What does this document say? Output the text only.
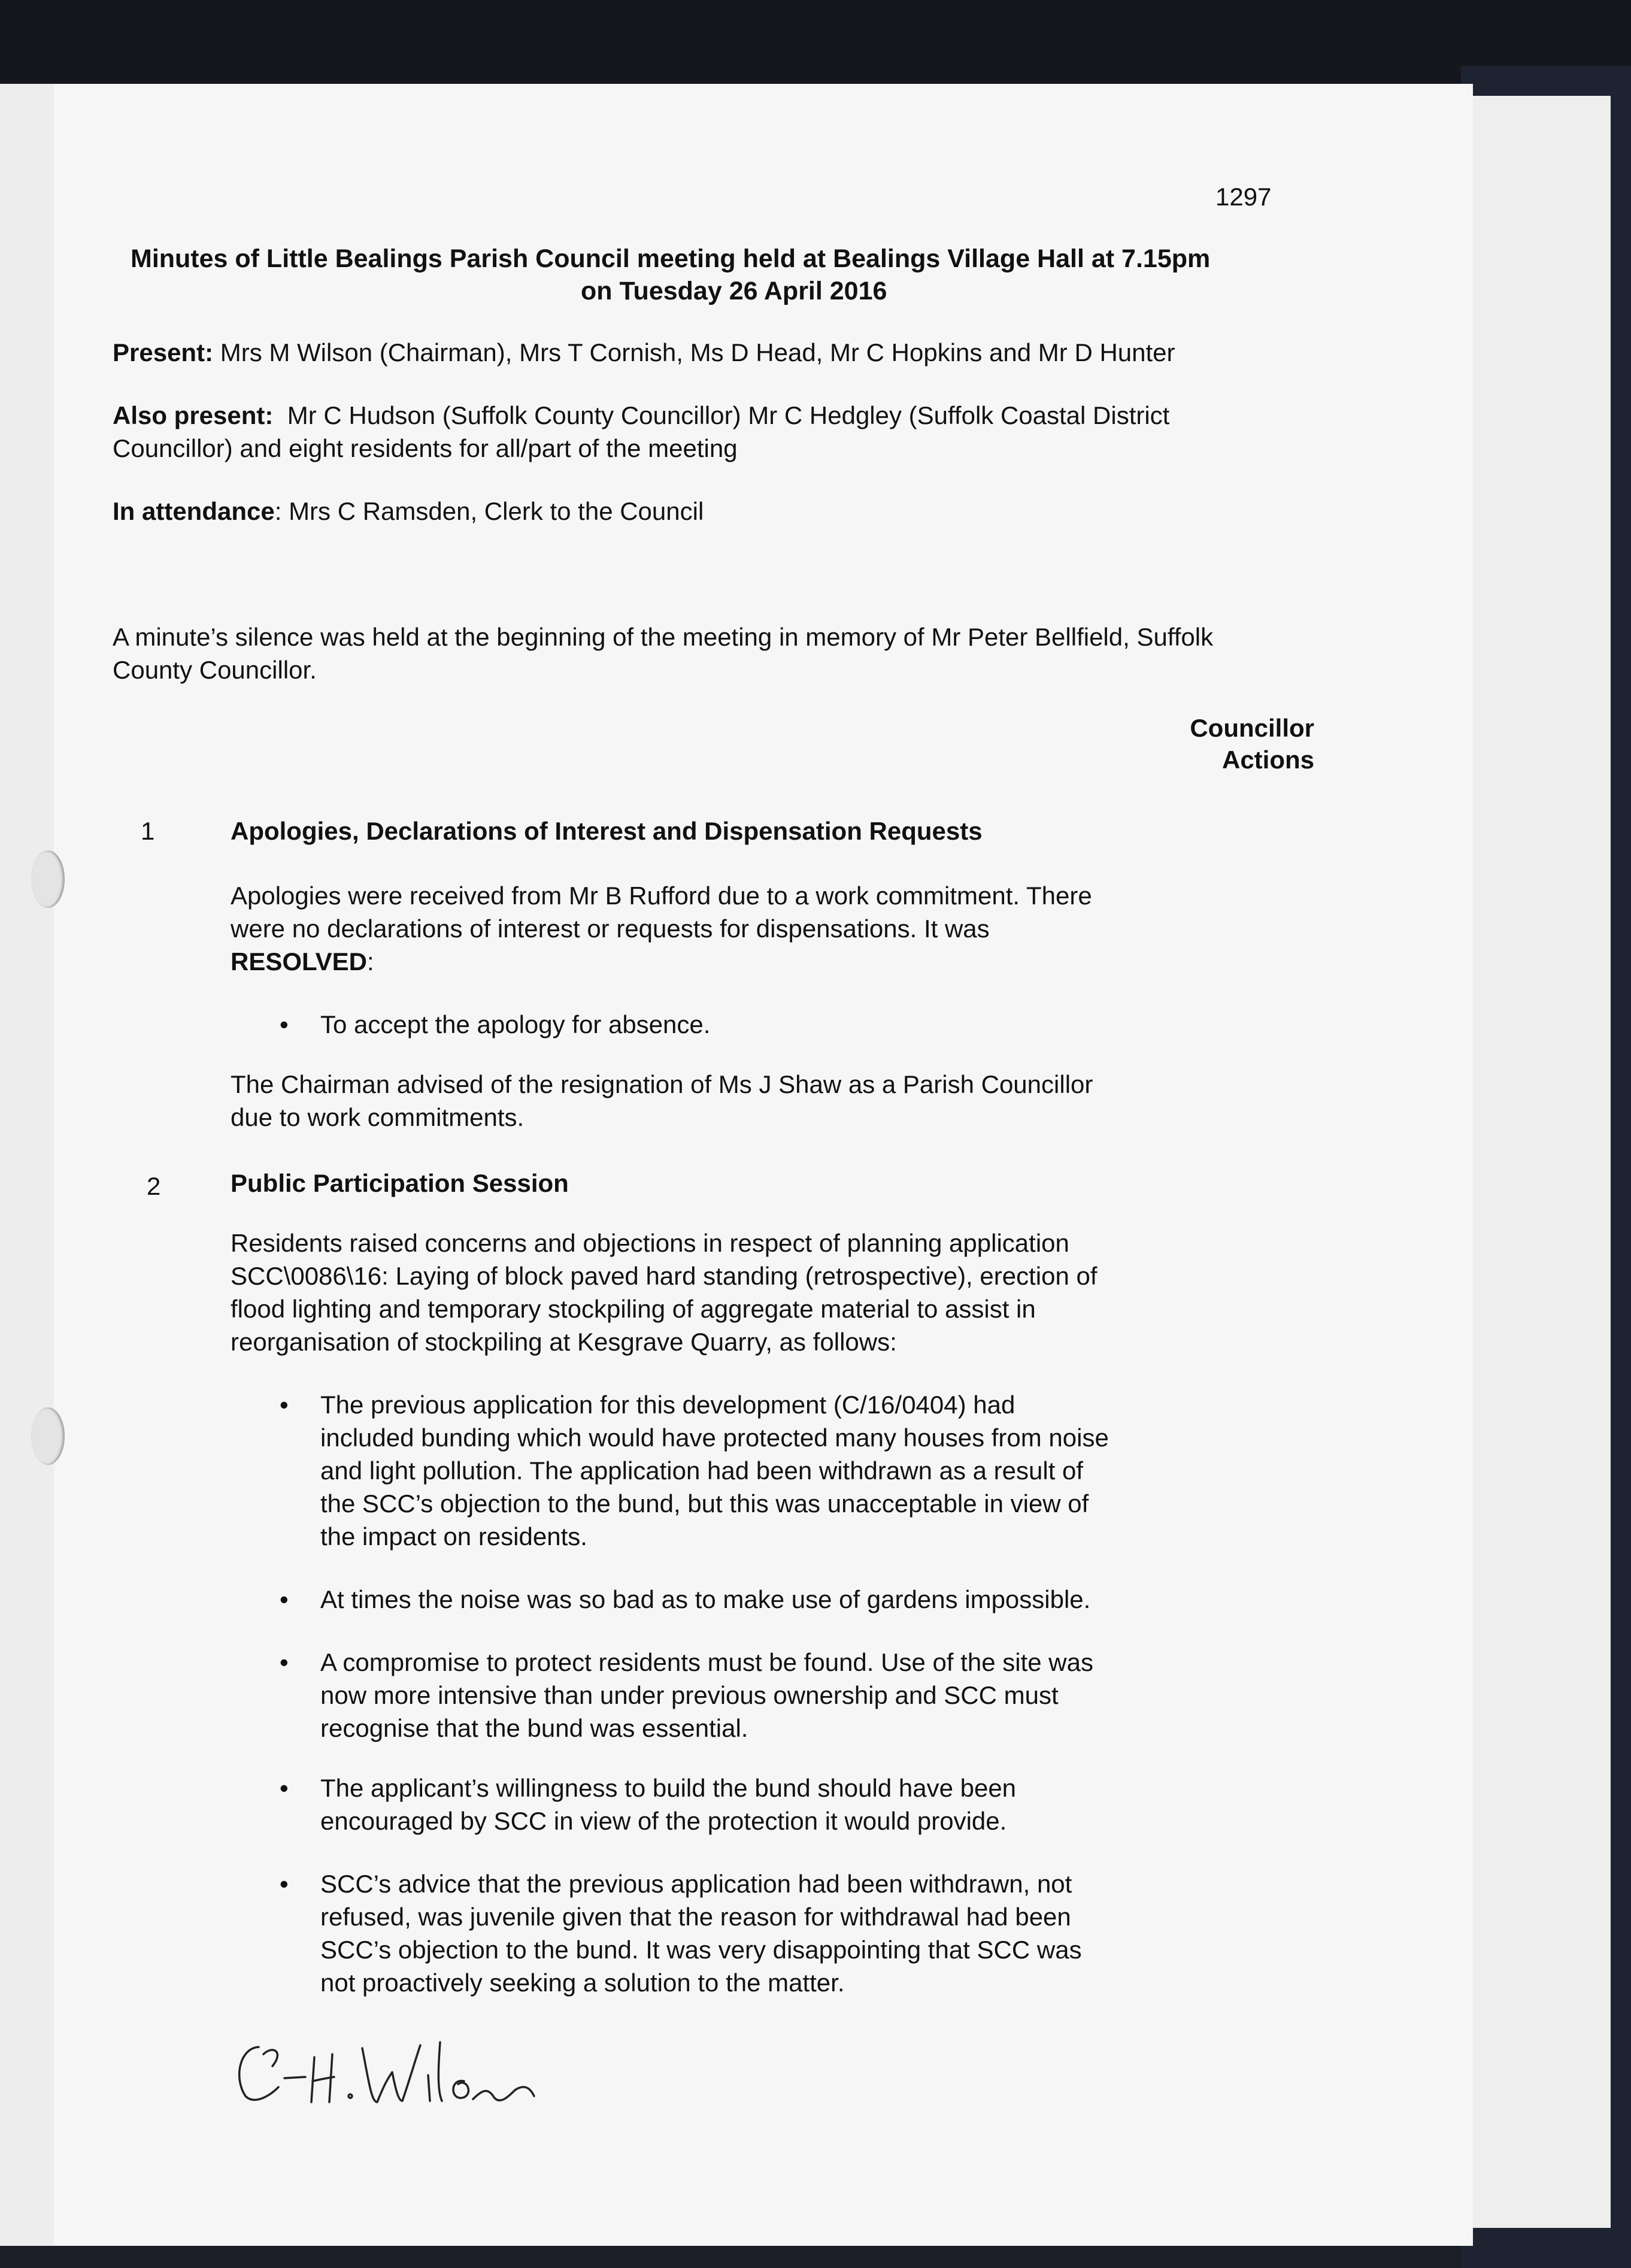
1297
Minutes of Little Bealings Parish Council meeting held at Bealings Village Hall at 7.15pm
on Tuesday 26 April 2016
Present: Mrs M Wilson (Chairman), Mrs T Cornish, Ms D Head, Mr C Hopkins and Mr D Hunter
Also present: Mr C Hudson (Suffolk County Councillor) Mr C Hedgley (Suffolk Coastal District
Councillor) and eight residents for all/part of the meeting
In attendance: Mrs C Ramsden, Clerk to the Council
A minute’s silence was held at the beginning of the meeting in memory of Mr Peter Bellfield, Suffolk
County Councillor.
Councillor
Actions
1	Apologies, Declarations of Interest and Dispensation Requests
Apologies were received from Mr B Rufford due to a work commitment. There
were no declarations of interest or requests for dispensations. It was
RESOLVED:
• To accept the apology for absence.
The Chairman advised of the resignation of Ms J Shaw as a Parish Councillor
due to work commitments.
2	Public Participation Session
Residents raised concerns and objections in respect of planning application
SCC\0086\16: Laying of block paved hard standing (retrospective), erection of
flood lighting and temporary stockpiling of aggregate material to assist in
reorganisation of stockpiling at Kesgrave Quarry, as follows:
• The previous application for this development (C/16/0404) had
included bunding which would have protected many houses from noise
and light pollution. The application had been withdrawn as a result of
the SCC’s objection to the bund, but this was unacceptable in view of
the impact on residents.
• At times the noise was so bad as to make use of gardens impossible.
• A compromise to protect residents must be found. Use of the site was
now more intensive than under previous ownership and SCC must
recognise that the bund was essential.
• The applicant’s willingness to build the bund should have been
encouraged by SCC in view of the protection it would provide.
• SCC’s advice that the previous application had been withdrawn, not
refused, was juvenile given that the reason for withdrawal had been
SCC’s objection to the bund. It was very disappointing that SCC was
not proactively seeking a solution to the matter.
